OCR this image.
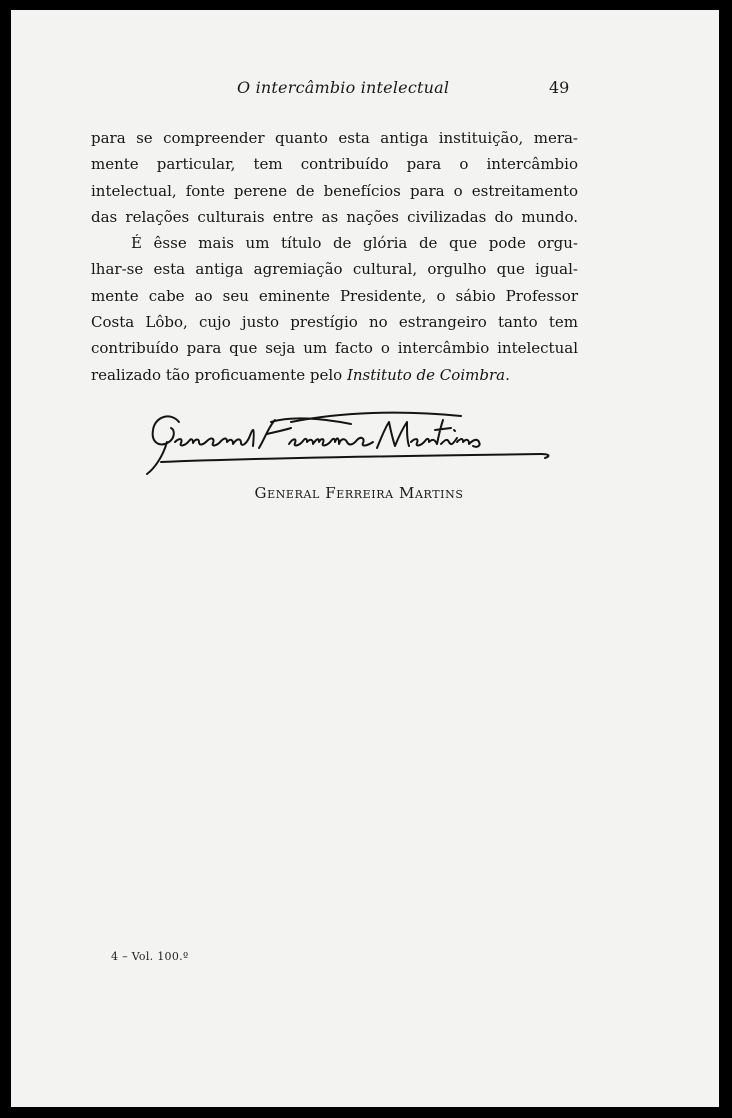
O intercâmbio intelectual	49
para se compreender quanto esta antiga instituição, mera-
mente particular, tem contribuído para o intercâmbio
intelectual, fonte perene de benefícios para o estreitamento
das relações culturais entre as nações civilizadas do mundo.
É êsse mais um título de glória de que pode orgu-
lhar-se esta antiga agremiação cultural, orgulho que igual-
mente cabe ao seu eminente Presidente, o sábio Professor
Costa Lôbo, cujo justo prestígio no estrangeiro tanto tem
contribuído para que seja um facto o intercâmbio intelectual
realizado tão proficuamente pelo Instituto de Coimbra.
General Ferreira Martins
4 – Vol. 100.º
